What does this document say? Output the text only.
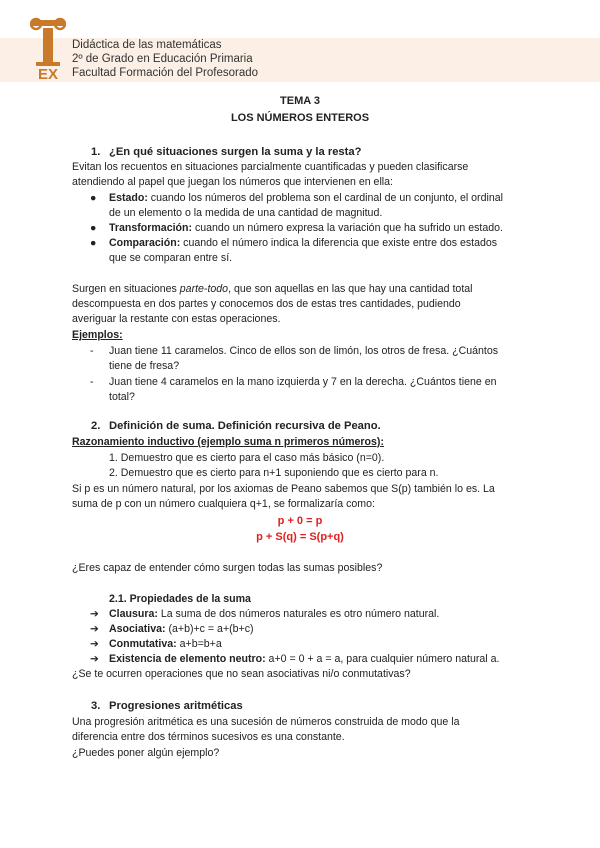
EX
Didáctica de las matemáticas
2º de Grado en Educación Primaria
Facultad Formación del Profesorado
TEMA 3
LOS NÚMEROS ENTEROS
1. ¿En qué situaciones surgen la suma y la resta?
Evitan los recuentos en situaciones parcialmente cuantificadas y pueden clasificarse
atendiendo al papel que juegan los números que intervienen en ella:
● Estado: cuando los números del problema son el cardinal de un conjunto, el ordinal
de un elemento o la medida de una cantidad de magnitud.
● Transformación: cuando un número expresa la variación que ha sufrido un estado.
● Comparación: cuando el número indica la diferencia que existe entre dos estados
que se comparan entre sí.
Surgen en situaciones parte-todo, que son aquellas en las que hay una cantidad total
descompuesta en dos partes y conocemos dos de estas tres cantidades, pudiendo
averiguar la restante con estas operaciones.
Ejemplos:
- Juan tiene 11 caramelos. Cinco de ellos son de limón, los otros de fresa. ¿Cuántos
tiene de fresa?
- Juan tiene 4 caramelos en la mano izquierda y 7 en la derecha. ¿Cuántos tiene en
total?
2. Definición de suma. Definición recursiva de Peano.
Razonamiento inductivo (ejemplo suma n primeros números):
1. Demuestro que es cierto para el caso más básico (n=0).
2. Demuestro que es cierto para n+1 suponiendo que es cierto para n.
Si p es un número natural, por los axiomas de Peano sabemos que S(p) también lo es. La
suma de p con un número cualquiera q+1, se formalizaría como:
p + 0 = p
p + S(q) = S(p+q)
¿Eres capaz de entender cómo surgen todas las sumas posibles?
2.1. Propiedades de la suma
➔ Clausura: La suma de dos números naturales es otro número natural.
➔ Asociativa: (a+b)+c = a+(b+c)
➔ Conmutativa: a+b=b+a
➔ Existencia de elemento neutro: a+0 = 0 + a = a, para cualquier número natural a.
¿Se te ocurren operaciones que no sean asociativas ni/o conmutativas?
3. Progresiones aritméticas
Una progresión aritmética es una sucesión de números construida de modo que la
diferencia entre dos términos sucesivos es una constante.
¿Puedes poner algún ejemplo?
